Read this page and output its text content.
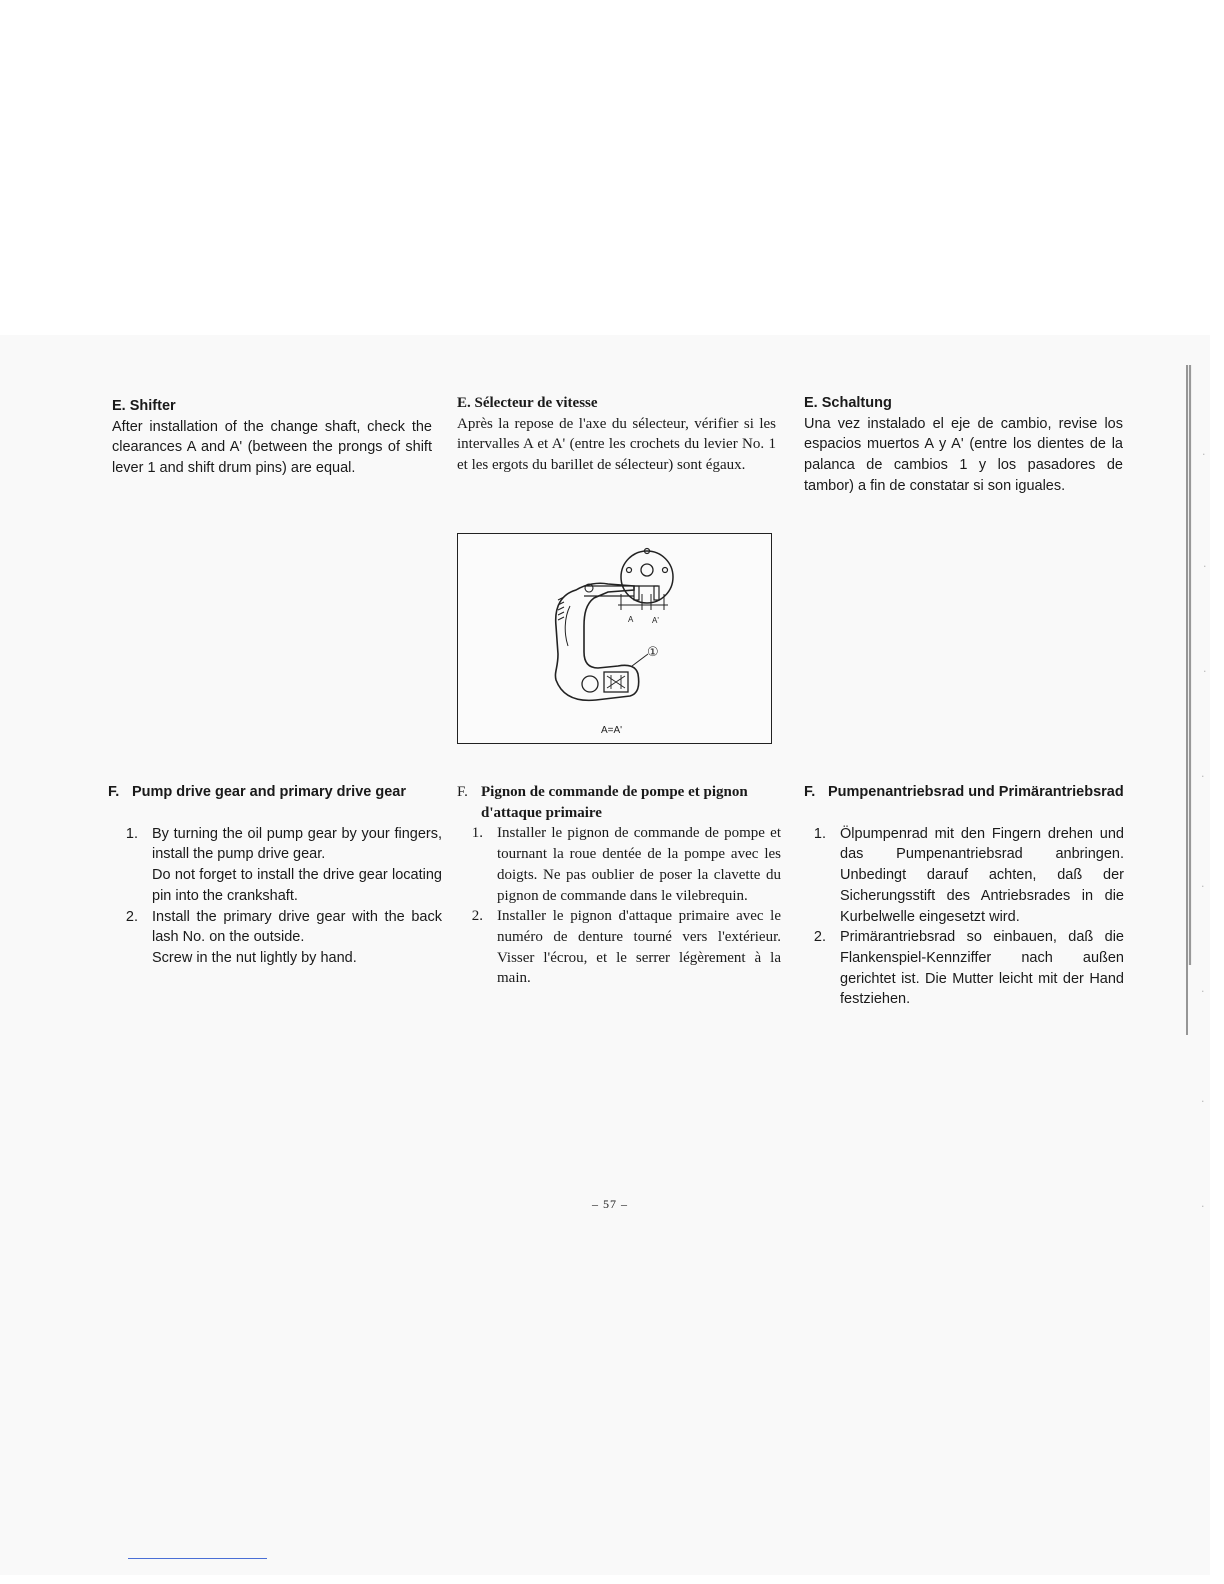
E. Shifter

After installation of the change shaft, check the clearances A and A' (between the prongs of shift lever 1 and shift drum pins) are equal.

E. Sélecteur de vitesse

Après la repose de l'axe du sélecteur, vérifier si les intervalles A et A' (entre les crochets du levier No. 1 et les ergots du barillet de sélecteur) sont égaux.

E. Schaltung

Una vez instalado el eje de cambio, revise los espacios muertos A y A' (entre los dientes de la palanca de cambios 1 y los pasadores de tambor) a fin de constatar si son iguales.

A A'
①
A=A'
F. Pump drive gear and primary drive gear
1. By turning the oil pump gear by your fingers, install the pump drive gear.
Do not forget to install the drive gear locating pin into the crankshaft.
2. Install the primary drive gear with the back lash No. on the outside.
Screw in the nut lightly by hand.
F. Pignon de commande de pompe et pignon
d'attaque primaire
1. Installer le pignon de commande de pompe et tournant la roue dentée de la pompe avec les doigts. Ne pas oublier de poser la clavette du pignon de commande dans le vilebrequin.
2. Installer le pignon d'attaque primaire avec le numéro de denture tourné vers l'extérieur. Visser l'écrou, et le serrer légèrement à la main.
F. Pumpenantriebsrad und Primärantriebsrad
1. Ölpumpenrad mit den Fingern drehen und das Pumpenantriebsrad anbringen. Unbedingt darauf achten, daß der Sicherungsstift des Antriebsrades in die Kurbelwelle eingesetzt wird.
2. Primärantriebsrad so einbauen, daß die Flankenspiel-Kennziffer nach außen gerichtet ist. Die Mutter leicht mit der Hand festziehen.
– 57 –
·
·
·
·
·
·
·
·
